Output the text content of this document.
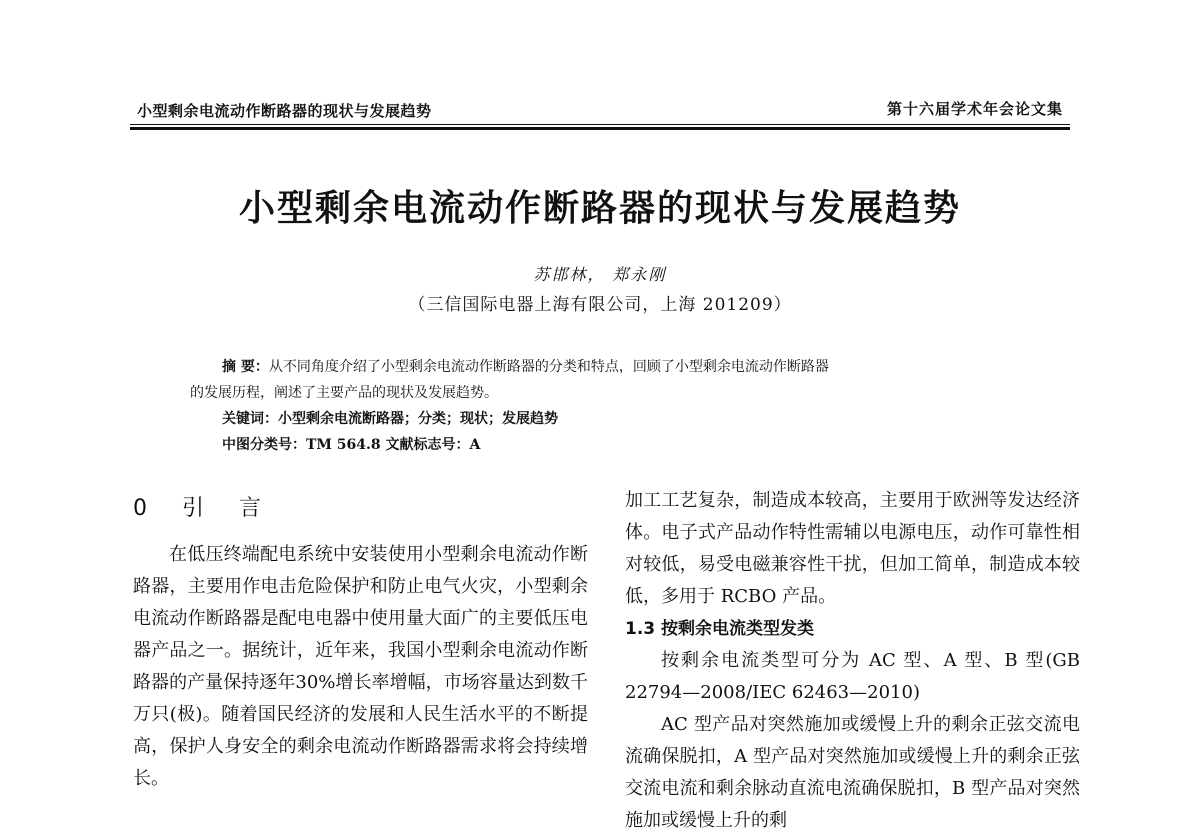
小型剩余电流动作断路器的现状与发展趋势	第十六届学术年会论文集
小型剩余电流动作断路器的现状与发展趋势
苏邯林， 郑永刚
（三信国际电器上海有限公司，上海 201209）

摘 要：从不同角度介绍了小型剩余电流动作断路器的分类和特点，回顾了小型剩余电流动作断路器

的发展历程，阐述了主要产品的现状及发展趋势。

关键词：小型剩余电流断路器；分类；现状；发展趋势

中图分类号：TM 564.8 文献标志号：A

0 引 言

在低压终端配电系统中安装使用小型剩余电流动作断路器，主要用作电击危险保护和防止电气火灾，小型剩余电流动作断路器是配电电器中使用量大面广的主要低压电器产品之一。据统计，近年来，我国小型剩余电流动作断路器的产量保持逐年30%增长率增幅，市场容量达到数千万只(极)。随着国民经济的发展和人民生活水平的不断提高，保护人身安全的剩余电流动作断路器需求将会持续增长。

加工工艺复杂，制造成本较高，主要用于欧洲等发达经济体。电子式产品动作特性需辅以电源电压，动作可靠性相对较低，易受电磁兼容性干扰，但加工简单，制造成本较低，多用于 RCBO 产品。

1.3 按剩余电流类型发类

按剩余电流类型可分为 AC 型、A 型、B 型(GB 22794—2008/IEC 62463—2010)

AC 型产品对突然施加或缓慢上升的剩余正弦交流电流确保脱扣，A 型产品对突然施加或缓慢上升的剩余正弦交流电流和剩余脉动直流电流确保脱扣，B 型产品对突然施加或缓慢上升的剩
